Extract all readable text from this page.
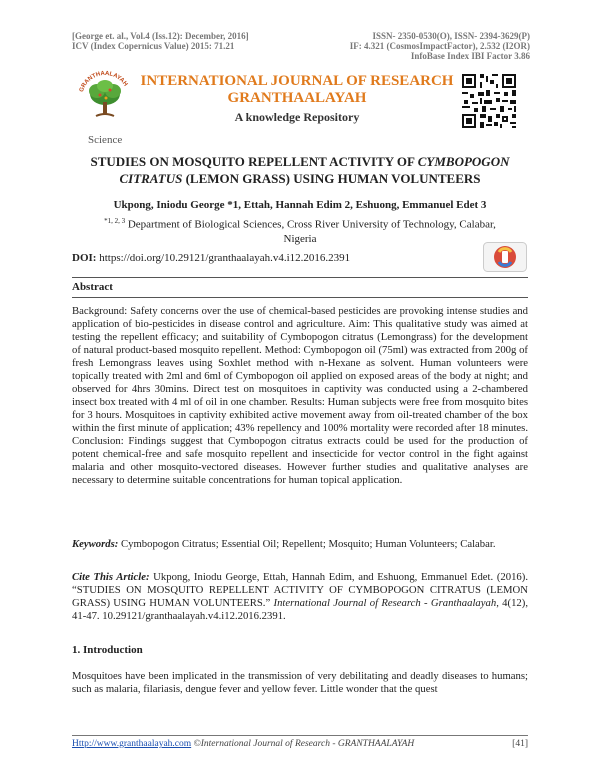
[George et. al., Vol.4 (Iss.12): December, 2016]
ICV (Index Copernicus Value) 2015: 71.21
ISSN- 2350-0530(O), ISSN- 2394-3629(P)
IF: 4.321 (CosmosImpactFactor), 2.532 (I2OR)
InfoBase Index IBI Factor 3.86
GRANTHAALAYAH
Science
INTERNATIONAL JOURNAL OF RESEARCH
GRANTHAALAYAH
A knowledge Repository
STUDIES ON MOSQUITO REPELLENT ACTIVITY OF CYMBOPOGON
CITRATUS (LEMON GRASS) USING HUMAN VOLUNTEERS
Ukpong, Iniodu George *1, Ettah, Hannah Edim 2, Eshuong, Emmanuel Edet 3
$^{*1, 2, 3}$ Department of Biological Sciences, Cross River University of Technology, Calabar,
Nigeria
DOI: https://doi.org/10.29121/granthaalayah.v4.i12.2016.2391
Abstract
Background: Safety concerns over the use of chemical-based pesticides are provoking intense studies and application of bio-pesticides in disease control and agriculture. Aim: This qualitative study was aimed at testing the repellent efficacy; and suitability of Cymbopogon citratus (Lemongrass) for the development of natural product-based mosquito repellent. Method: Cymbopogon oil (75ml) was extracted from 200g of fresh Lemongrass leaves using Soxhlet method with n-Hexane as solvent. Human volunteers were topically treated with 2ml and 6ml of Cymbopogon oil applied on exposed areas of the body at night; and observed for 4hrs 30mins. Direct test on mosquitoes in captivity was conducted using a 2-chambered insect box treated with 4 ml of oil in one chamber. Results: Human subjects were free from mosquito bites for 3 hours. Mosquitoes in captivity exhibited active movement away from oil-treated chamber of the box within the first minute of application; 43% repellency and 100% mortality were recorded after 18 minutes. Conclusion: Findings suggest that Cymbopogon citratus extracts could be used for the production of potent chemical-free and safe mosquito repellent and insecticide for vector control in the fight against malaria and other mosquito-vectored diseases. However further studies and qualitative analyses are necessary to determine suitable concentrations for human topical application.
Keywords: Cymbopogon Citratus; Essential Oil; Repellent; Mosquito; Human Volunteers; Calabar.
Cite This Article: Ukpong, Iniodu George, Ettah, Hannah Edim, and Eshuong, Emmanuel Edet. (2016). “STUDIES ON MOSQUITO REPELLENT ACTIVITY OF CYMBOPOGON CITRATUS (LEMON GRASS) USING HUMAN VOLUNTEERS.” International Journal of Research - Granthaalayah, 4(12), 41-47. 10.29121/granthaalayah.v4.i12.2016.2391.
1. Introduction
Mosquitoes have been implicated in the transmission of very debilitating and deadly diseases to humans; such as malaria, filariasis, dengue fever and yellow fever. Little wonder that the quest
Http://www.granthaalayah.com ©International Journal of Research - GRANTHAALAYAH	[41]
